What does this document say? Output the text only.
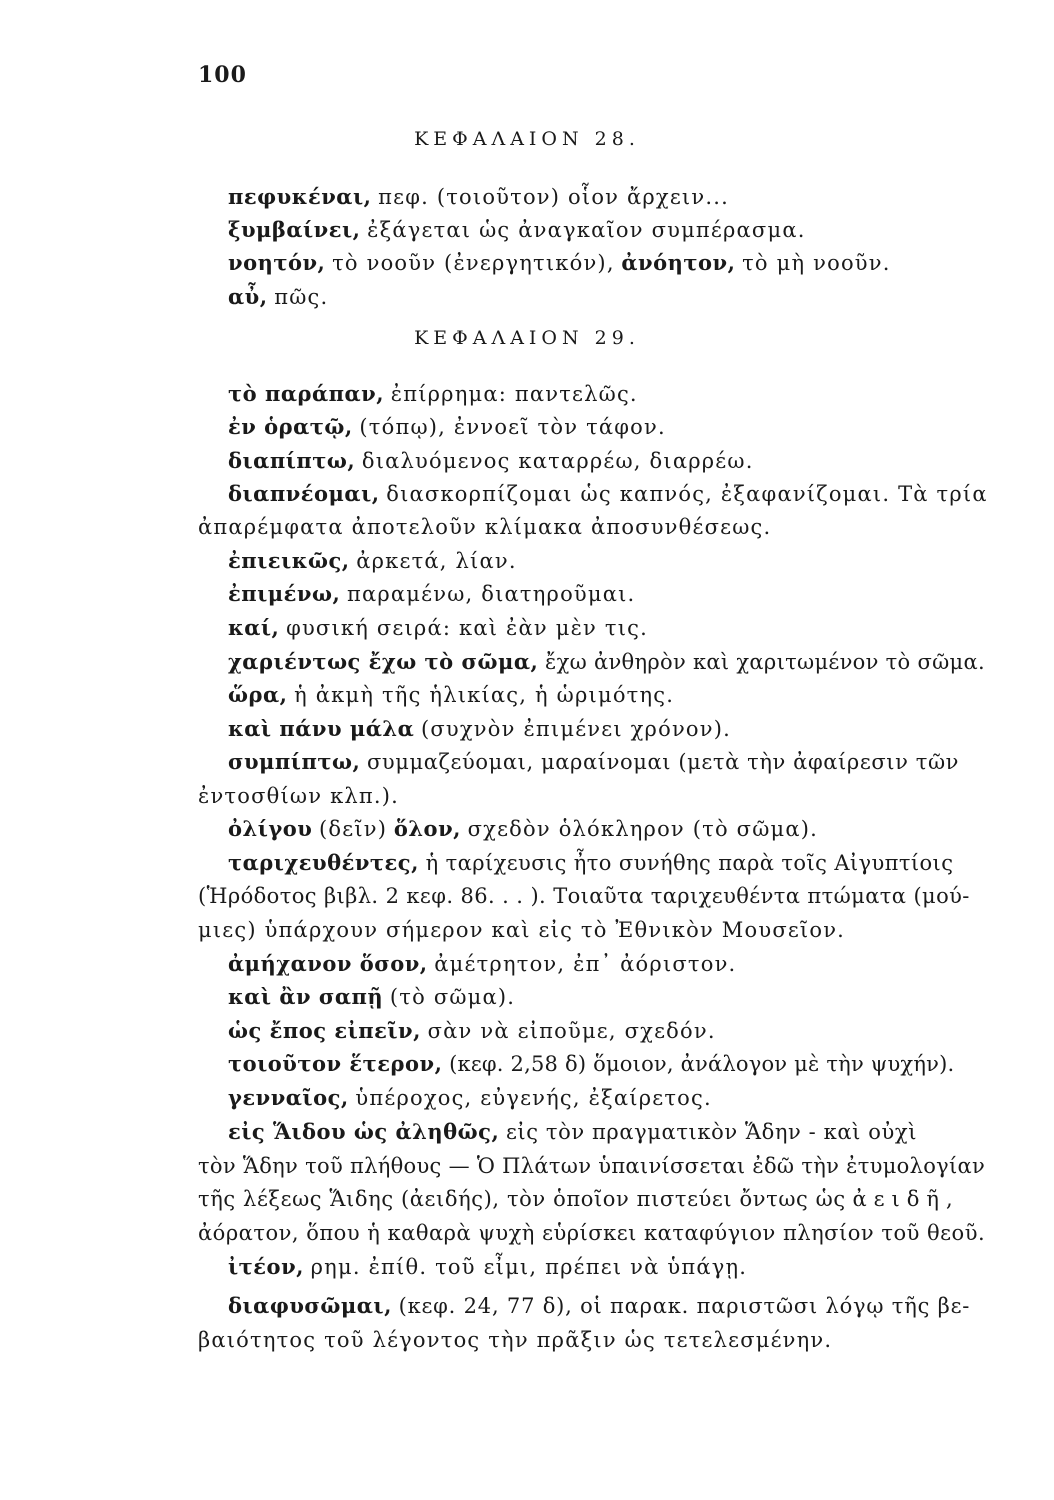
100
ΚΕΦΑΛΑΙΟΝ 28.
πεφυκέναι, πεφ. (τοιοῦτον) οἷον ἄρχειν...
ξυμβαίνει, ἐξάγεται ὡς ἀναγκαῖον συμπέρασμα.
νοητόν, τὸ νοοῦν (ἐνεργητικόν), ἀνόητον, τὸ μὴ νοοῦν.
αὖ, πῶς.
ΚΕΦΑΛΑΙΟΝ 29.
τὸ παράπαν, ἐπίρρημα: παντελῶς.
ἐν ὁρατῷ, (τόπῳ), ἐννοεῖ τὸν τάφον.
διαπίπτω, διαλυόμενος καταρρέω, διαρρέω.
διαπνέομαι, διασκορπίζομαι ὡς καπνός, ἐξαφανίζομαι. Τὰ τρία
ἀπαρέμφατα ἀποτελοῦν κλίμακα ἀποσυνθέσεως.
ἐπιεικῶς, ἀρκετά, λίαν.
ἐπιμένω, παραμένω, διατηροῦμαι.
καί, φυσική σειρά: καὶ ἐὰν μὲν τις.
χαριέντως ἔχω τὸ σῶμα, ἔχω ἀνθηρὸν καὶ χαριτωμένον τὸ σῶμα.
ὥρα, ἡ ἀκμὴ τῆς ἡλικίας, ἡ ὡριμότης.
καὶ πάνυ μάλα (συχνὸν ἐπιμένει χρόνον).
συμπίπτω, συμμαζεύομαι, μαραίνομαι (μετὰ τὴν ἀφαίρεσιν τῶν
ἐντοσθίων κλπ.).
ὀλίγου (δεῖν) ὅλον, σχεδὸν ὁλόκληρον (τὸ σῶμα).
ταριχευθέντες, ἡ ταρίχευσις ἦτο συνήθης παρὰ τοῖς Αἰγυπτίοις
(Ἡρόδοτος βιβλ. 2 κεφ. 86. . . ). Τοιαῦτα ταριχευθέντα πτώματα (μού-
μιες) ὑπάρχουν σήμερον καὶ εἰς τὸ Ἐθνικὸν Μουσεῖον.
ἀμήχανον ὅσον, ἀμέτρητον, ἐπ᾽ ἀόριστον.
καὶ ἂν σαπῇ (τὸ σῶμα).
ὡς ἔπος εἰπεῖν, σὰν νὰ εἰποῦμε, σχεδόν.
τοιοῦτον ἕτερον, (κεφ. 2,58 δ) ὅμοιον, ἀνάλογον μὲ τὴν ψυχήν).
γενναῖος, ὑπέροχος, εὐγενής, ἐξαίρετος.
εἰς Ἅιδου ὡς ἀληθῶς, εἰς τὸν πραγματικὸν Ἅδην - καὶ οὐχὶ
τὸν Ἅδην τοῦ πλήθους — Ὁ Πλάτων ὑπαινίσσεται ἐδῶ τὴν ἐτυμολογίαν
τῆς λέξεως Ἅιδης (ἀειδής), τὸν ὁποῖον πιστεύει ὄντως ὡς ἀειδῆ,
ἀόρατον, ὅπου ἡ καθαρὰ ψυχὴ εὑρίσκει καταφύγιον πλησίον τοῦ θεοῦ.
ἰτέον, ρημ. ἐπίθ. τοῦ εἶμι, πρέπει νὰ ὑπάγῃ.
διαφυσῶμαι, (κεφ. 24, 77 δ), οἱ παρακ. παριστῶσι λόγῳ τῆς βε-
βαιότητος τοῦ λέγοντος τὴν πρᾶξιν ὡς τετελεσμένην.
